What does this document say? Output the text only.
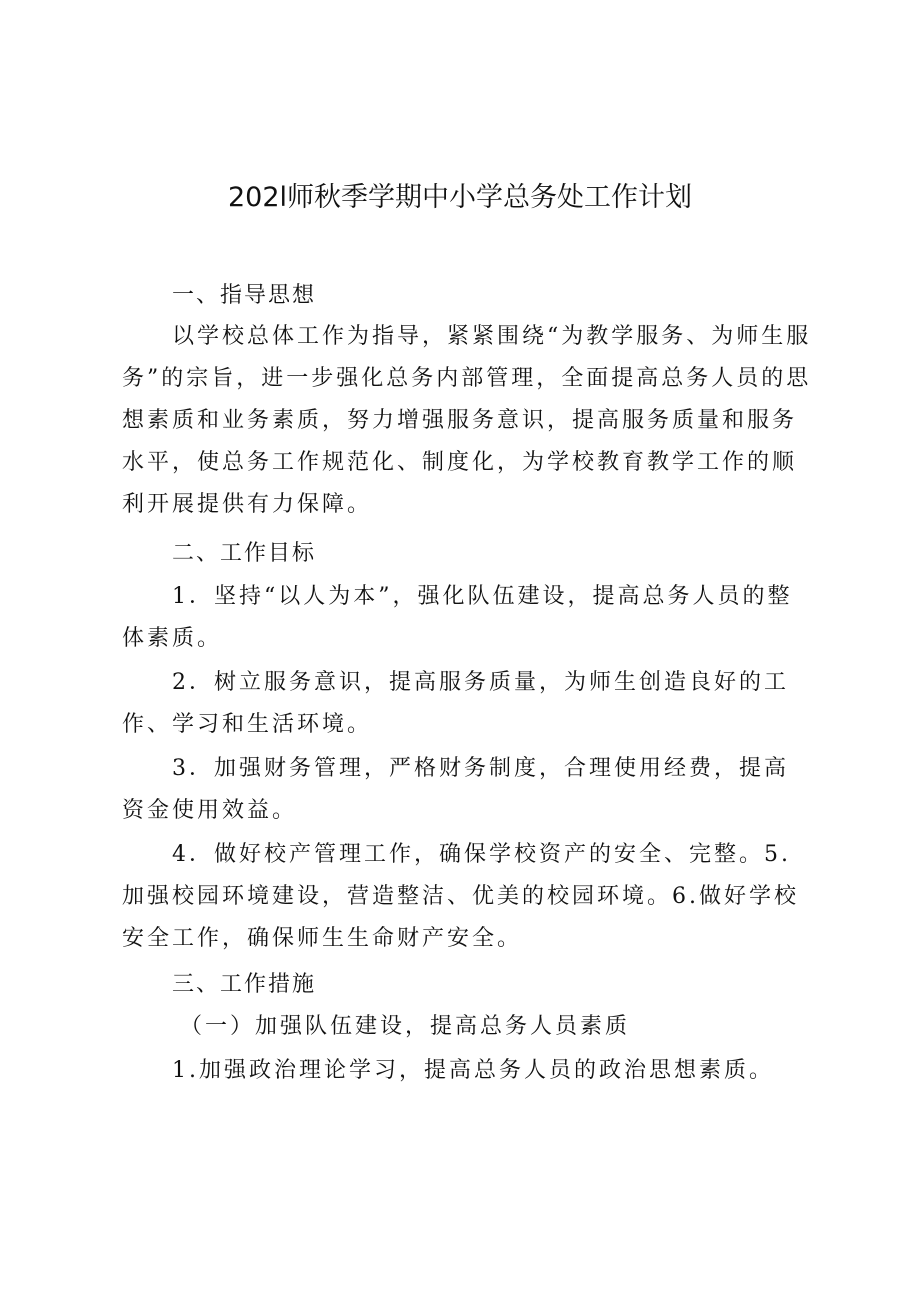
202l师秋季学期中小学总务处工作计划
一、指导思想
以学校总体工作为指导，紧紧围绕“为教学服务、为师生服务”的宗旨，进一步强化总务内部管理，全面提高总务人员的思想素质和业务素质，努力增强服务意识，提高服务质量和服务水平，使总务工作规范化、制度化，为学校教育教学工作的顺利开展提供有力保障。
二、工作目标
1．坚持“以人为本”，强化队伍建设，提高总务人员的整体素质。
2．树立服务意识，提高服务质量，为师生创造良好的工作、学习和生活环境。
3．加强财务管理，严格财务制度，合理使用经费，提高资金使用效益。
4．做好校产管理工作，确保学校资产的安全、完整。5.加强校园环境建设，营造整洁、优美的校园环境。6.做好学校安全工作，确保师生生命财产安全。
三、工作措施
（一）加强队伍建设，提高总务人员素质
1.加强政治理论学习，提高总务人员的政治思想素质。
